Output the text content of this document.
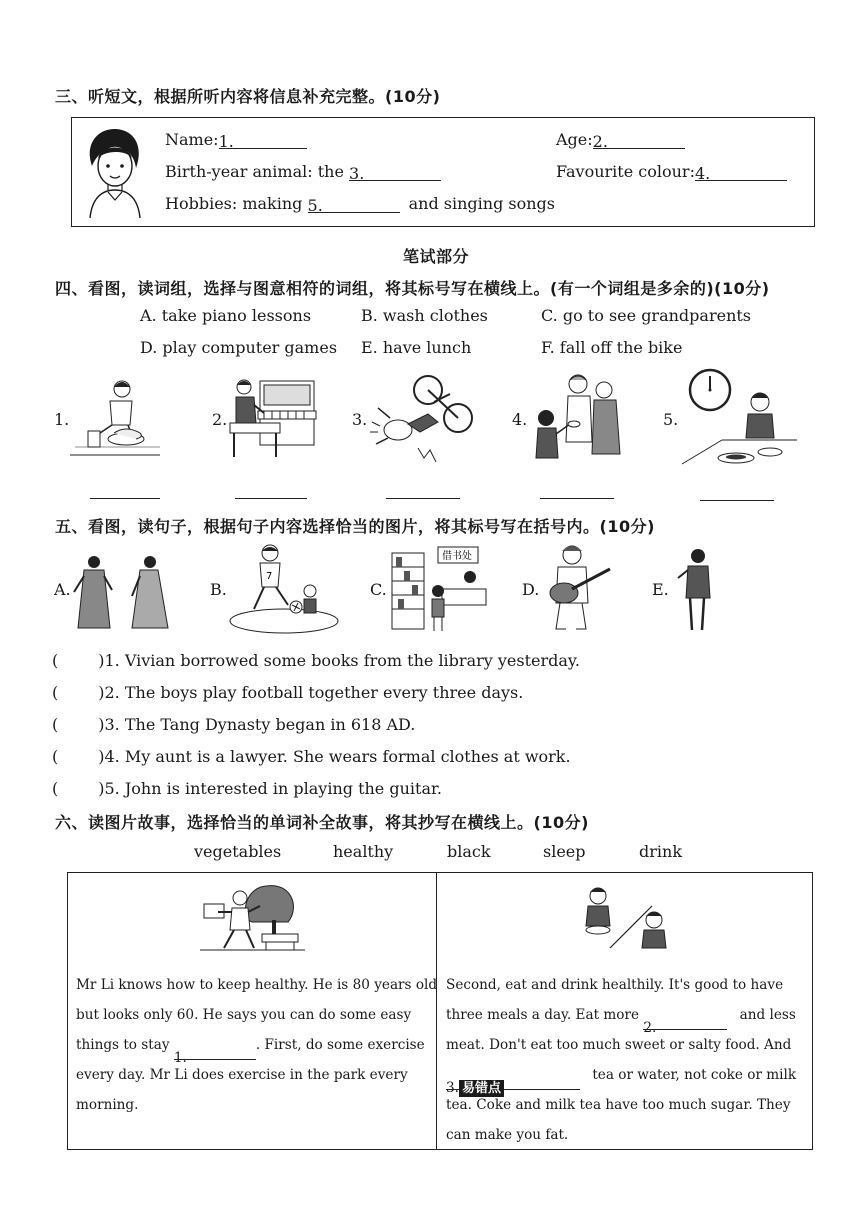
三、听短文，根据所听内容将信息补充完整。(10分)
Name:1.	Age:2.
Birth-year animal: the 3.	Favourite colour:4.
Hobbies: making 5.	and singing songs
笔试部分
四、看图，读词组，选择与图意相符的词组，将其标号写在横线上。(有一个词组是多余的)(10分)
A. take piano lessons	B. wash clothes	C. go to see grandparents
D. play computer games E. have lunch	F. fall off the bike
1.	2.	3.	4.	5.
五、看图，读句子，根据句子内容选择恰当的图片，将其标号写在括号内。(10分)
A.	B.	C.	D.	E.
7
借书处
(	)1. Vivian borrowed some books from the library yesterday.
(	)2. The boys play football together every three days.
(	)3. The Tang Dynasty began in 618 AD.
(	)4. My aunt is a lawyer. She wears formal clothes at work.
(	)5. John is interested in playing the guitar.
六、读图片故事，选择恰当的单词补全故事，将其抄写在横线上。(10分)
vegetables	healthy	black	sleep	drink
Mr Li knows how to keep healthy. He is 80 years old
but looks only 60. He says you can do some easy
things to stay 1.. First, do some exercise
every day. Mr Li does exercise in the park every
morning.
Second, eat and drink healthily. It's good to have
three meals a day. Eat more 2. and less
meat. Don't eat too much sweet or salty food. And
3. 易错点 tea or water, not coke or milk
tea. Coke and milk tea have too much sugar. They
can make you fat.
